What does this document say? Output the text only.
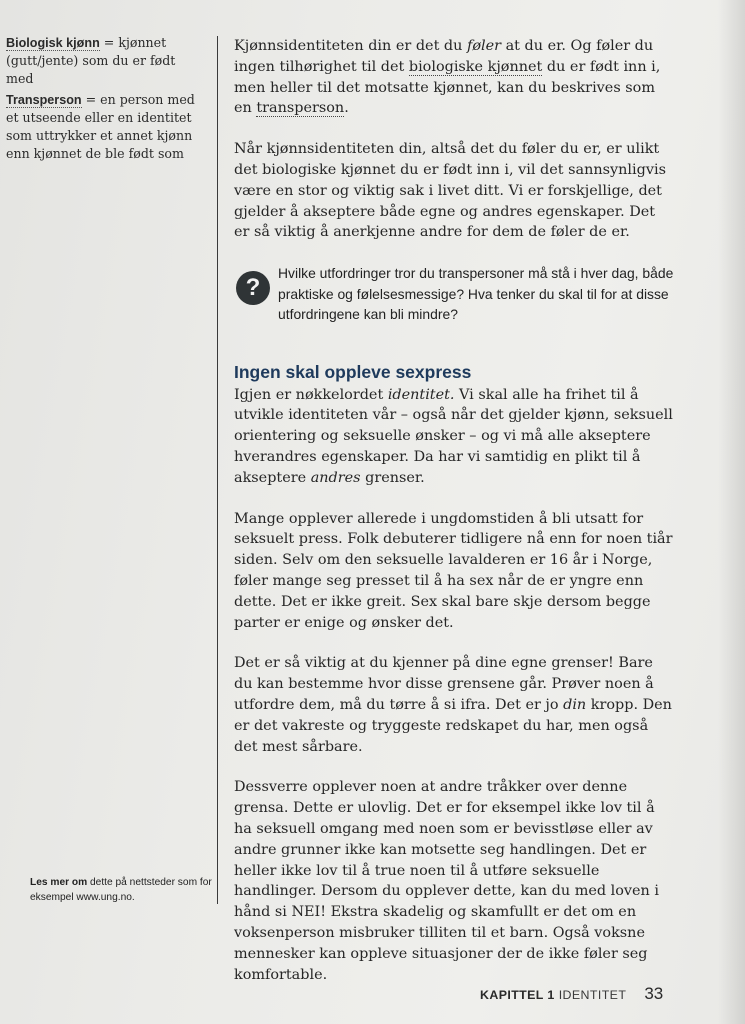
Biologisk kjønn = kjønnet (gutt/jente) som du er født med

Transperson = en person med et utseende eller en identitet som uttrykker et annet kjønn enn kjønnet de ble født som

Les mer om dette på nettsteder som for eksempel www.ung.no.

Kjønnsidentiteten din er det du føler at du er. Og føler du ingen tilhørighet til det biologiske kjønnet du er født inn i, men heller til det motsatte kjønnet, kan du beskrives som en transperson.

Når kjønnsidentiteten din, altså det du føler du er, er ulikt det biologiske kjønnet du er født inn i, vil det sannsynligvis være en stor og viktig sak i livet ditt. Vi er forskjellige, det gjelder å akseptere både egne og andres egenskaper. Det er så viktig å anerkjenne andre for dem de føler de er.

?
Hvilke utfordringer tror du transpersoner må stå i hver dag, både praktiske og følelsesmessige? Hva tenker du skal til for at disse utfordringene kan bli mindre?
Ingen skal oppleve sexpress

Igjen er nøkkelordet identitet. Vi skal alle ha frihet til å utvikle identiteten vår – også når det gjelder kjønn, seksuell orientering og seksuelle ønsker – og vi må alle akseptere hverandres egenskaper. Da har vi samtidig en plikt til å akseptere andres grenser.

Mange opplever allerede i ungdomstiden å bli utsatt for seksuelt press. Folk debuterer tidligere nå enn for noen tiår siden. Selv om den seksuelle lavalderen er 16 år i Norge, føler mange seg presset til å ha sex når de er yngre enn dette. Det er ikke greit. Sex skal bare skje dersom begge parter er enige og ønsker det.

Det er så viktig at du kjenner på dine egne grenser! Bare du kan bestemme hvor disse grensene går. Prøver noen å utfordre dem, må du tørre å si ifra. Det er jo din kropp. Den er det vakreste og tryggeste redskapet du har, men også det mest sårbare.

Dessverre opplever noen at andre tråkker over denne grensa. Dette er ulovlig. Det er for eksempel ikke lov til å ha seksuell omgang med noen som er bevisstløse eller av andre grunner ikke kan motsette seg handlingen. Det er heller ikke lov til å true noen til å utføre seksuelle handlinger. Dersom du opplever dette, kan du med loven i hånd si NEI! Ekstra skadelig og skamfullt er det om en voksenperson misbruker tilliten til et barn. Også voksne mennesker kan oppleve situasjoner der de ikke føler seg komfortable.

KAPITTEL 1 IDENTITET 33
